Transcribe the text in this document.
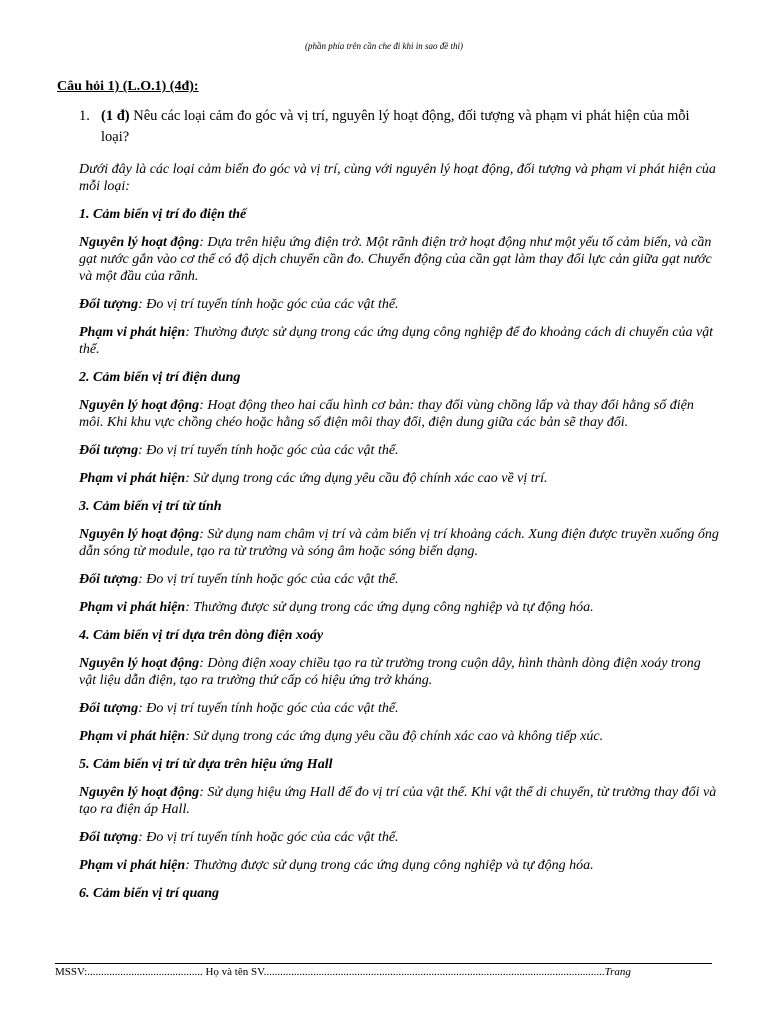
(phần phía trên cần che đi khi in sao đề thi)
Câu hỏi 1) (L.O.1) (4đ):
1. (1 đ) Nêu các loại cảm đo góc và vị trí, nguyên lý hoạt động, đối tượng và phạm vi phát hiện của mỗi loại?

Dưới đây là các loại cảm biến đo góc và vị trí, cùng với nguyên lý hoạt động, đối tượng và phạm vi phát hiện của mỗi loại:

1. Cảm biến vị trí đo điện thế

Nguyên lý hoạt động: Dựa trên hiệu ứng điện trở. Một rãnh điện trở hoạt động như một yếu tố cảm biến, và cần gạt nước gắn vào cơ thể có độ dịch chuyển cần đo. Chuyển động của cần gạt làm thay đổi lực cản giữa gạt nước và một đầu của rãnh.

Đối tượng: Đo vị trí tuyến tính hoặc góc của các vật thể.

Phạm vi phát hiện: Thường được sử dụng trong các ứng dụng công nghiệp để đo khoảng cách di chuyển của vật thể.

2. Cảm biến vị trí điện dung

Nguyên lý hoạt động: Hoạt động theo hai cấu hình cơ bản: thay đổi vùng chồng lấp và thay đổi hằng số điện môi. Khi khu vực chồng chéo hoặc hằng số điện môi thay đổi, điện dung giữa các bản sẽ thay đổi.

Đối tượng: Đo vị trí tuyến tính hoặc góc của các vật thể.

Phạm vi phát hiện: Sử dụng trong các ứng dụng yêu cầu độ chính xác cao về vị trí.

3. Cảm biến vị trí từ tính

Nguyên lý hoạt động: Sử dụng nam châm vị trí và cảm biến vị trí khoảng cách. Xung điện được truyền xuống ống dẫn sóng từ module, tạo ra từ trường và sóng âm hoặc sóng biến dạng.

Đối tượng: Đo vị trí tuyến tính hoặc góc của các vật thể.

Phạm vi phát hiện: Thường được sử dụng trong các ứng dụng công nghiệp và tự động hóa.

4. Cảm biến vị trí dựa trên dòng điện xoáy

Nguyên lý hoạt động: Dòng điện xoay chiều tạo ra từ trường trong cuộn dây, hình thành dòng điện xoáy trong vật liệu dẫn điện, tạo ra trường thứ cấp có hiệu ứng trở kháng.

Đối tượng: Đo vị trí tuyến tính hoặc góc của các vật thể.

Phạm vi phát hiện: Sử dụng trong các ứng dụng yêu cầu độ chính xác cao và không tiếp xúc.

5. Cảm biến vị trí từ dựa trên hiệu ứng Hall

Nguyên lý hoạt động: Sử dụng hiệu ứng Hall để đo vị trí của vật thể. Khi vật thể di chuyển, từ trường thay đổi và tạo ra điện áp Hall.

Đối tượng: Đo vị trí tuyến tính hoặc góc của các vật thể.

Phạm vi phát hiện: Thường được sử dụng trong các ứng dụng công nghiệp và tự động hóa.

6. Cảm biến vị trí quang

MSSV:.......................................... Họ và tên SV............................................................................................................................Trang
